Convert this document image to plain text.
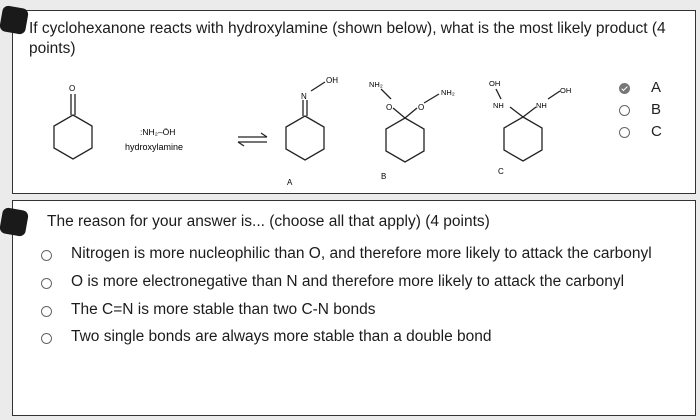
If cyclohexanone reacts with hydroxylamine (shown below), what is the most likely product (4 points)
O
:NH₂–ÖH
hydroxylamine
N
OH
A
NH₂
NH₂
O	O
B
OH
NH	NH
OH
C
A
B
C
The reason for your answer is... (choose all that apply) (4 points)
Nitrogen is more nucleophilic than O, and therefore more likely to attack the carbonyl
O is more electronegative than N and therefore more likely to attack the carbonyl
The C=N is more stable than two C-N bonds
Two single bonds are always more stable than a double bond
